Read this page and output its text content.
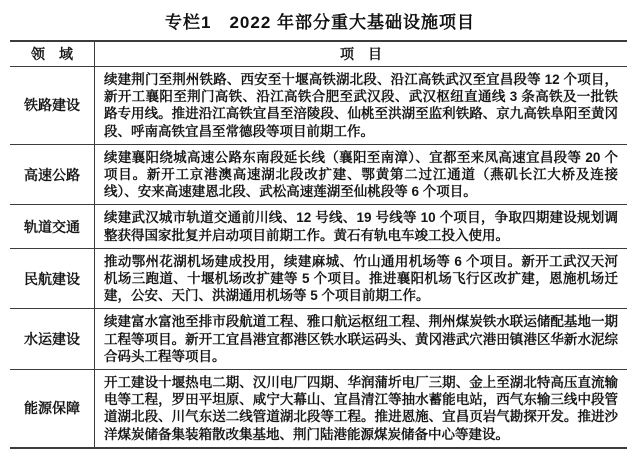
专栏1　2022 年部分重大基础设施项目
领　域	项　目
铁路建设
续建荆门至荆州铁路、西安至十堰高铁湖北段、沿江高铁武汉至宜昌段等 12 个项目，新开工襄阳至荆门高铁、沿江高铁合肥至武汉段、武汉枢纽直通线 3 条高铁及一批铁路专用线。推进沿江高铁宜昌至涪陵段、仙桃至洪湖至监利铁路、京九高铁阜阳至黄冈段、呼南高铁宜昌至常德段等项目前期工作。
高速公路
续建襄阳绕城高速公路东南段延长线（襄阳至南漳）、宜都至来凤高速宜昌段等 20 个项目。新开工京港澳高速湖北段改扩建、鄂黄第二过江通道（燕矶长江大桥及连接线）、安来高速建恩北段、武松高速莲湖至仙桃段等 6 个项目。
轨道交通
续建武汉城市轨道交通前川线、12 号线、19 号线等 10 个项目，争取四期建设规划调整获得国家批复并启动项目前期工作。黄石有轨电车竣工投入使用。
民航建设
推动鄂州花湖机场建成投用，续建麻城、竹山通用机场等 6 个项目。新开工武汉天河机场三跑道、十堰机场改扩建等 5 个项目。推进襄阳机场飞行区改扩建，恩施机场迁建，公安、天门、洪湖通用机场等 5 个项目前期工作。
水运建设
续建富水富池至排市段航道工程、雅口航运枢纽工程、荆州煤炭铁水联运储配基地一期工程等项目。新开工宜昌港宜都港区铁水联运码头、黄冈港武穴港田镇港区华新水泥综合码头工程等项目。
能源保障
开工建设十堰热电二期、汉川电厂四期、华润蒲圻电厂三期、金上至湖北特高压直流输电等工程，罗田平坦原、咸宁大幕山、宜昌清江等抽水蓄能电站，西气东输三线中段管道湖北段、川气东送二线管道湖北段等工程。推进恩施、宜昌页岩气勘探开发。推进沙洋煤炭储备集装箱散改集基地、荆门陆港能源煤炭储备中心等建设。
